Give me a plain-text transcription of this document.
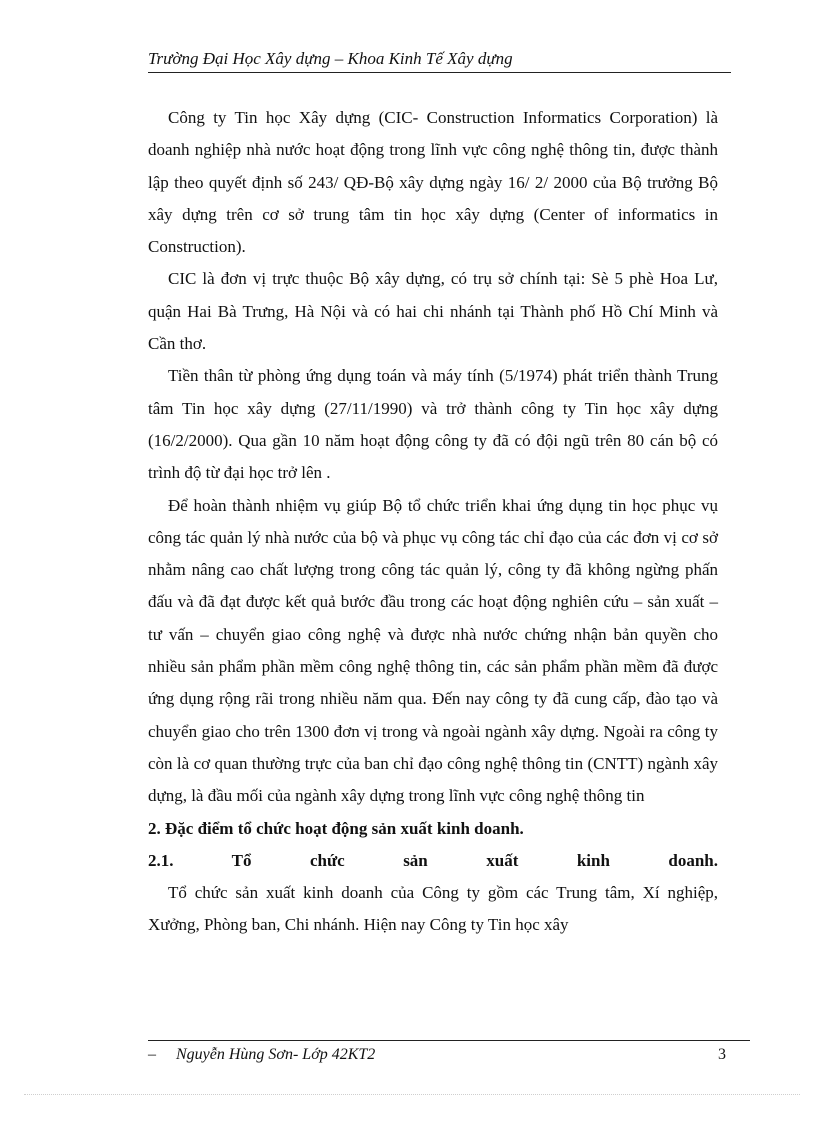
Trường Đại Học Xây dựng – Khoa Kinh Tế Xây dựng

Công ty Tin học Xây dựng (CIC- Construction Informatics Corporation) là doanh nghiệp nhà nước hoạt động trong lĩnh vực công nghệ thông tin, được thành lập theo quyết định số 243/ QĐ-Bộ xây dựng ngày 16/ 2/ 2000 của Bộ trưởng Bộ xây dựng trên cơ sở trung tâm tin học xây dựng (Center of informatics in Construction).

CIC là đơn vị trực thuộc Bộ xây dựng, có trụ sở chính tại: Sè 5 phè Hoa Lư, quận Hai Bà Trưng, Hà Nội và có hai chi nhánh tại Thành phố Hồ Chí Minh và Cần thơ.

Tiền thân từ phòng ứng dụng toán và máy tính (5/1974) phát triển thành Trung tâm Tin học xây dựng (27/11/1990) và trở thành công ty Tin học xây dựng (16/2/2000). Qua gần 10 năm hoạt động công ty đã có đội ngũ trên 80 cán bộ có trình độ từ đại học trở lên .

Để hoàn thành nhiệm vụ giúp Bộ tổ chức triển khai ứng dụng tin học phục vụ công tác quản lý nhà nước của bộ và phục vụ công tác chỉ đạo của các đơn vị cơ sở nhằm nâng cao chất lượng trong công tác quản lý, công ty đã không ngừng phấn đấu và đã đạt được kết quả bước đầu trong các hoạt động nghiên cứu – sản xuất – tư vấn – chuyển giao công nghệ và được nhà nước chứng nhận bản quyền cho nhiều sản phẩm phần mềm công nghệ thông tin, các sản phẩm phần mềm đã được ứng dụng rộng rãi trong nhiều năm qua. Đến nay công ty đã cung cấp, đào tạo và chuyển giao cho trên 1300 đơn vị trong và ngoài ngành xây dựng. Ngoài ra công ty còn là cơ quan thường trực của ban chỉ đạo công nghệ thông tin (CNTT) ngành xây dựng, là đầu mối của ngành xây dựng trong lĩnh vực công nghệ thông tin

2. Đặc điểm tổ chức hoạt động sản xuất kinh doanh.

2.1. Tổ chức sản xuất kinh doanh.

Tổ chức sản xuất kinh doanh của Công ty gồm các Trung tâm, Xí nghiệp, Xưởng, Phòng ban, Chi nhánh. Hiện nay Công ty Tin học xây

– Nguyễn Hùng Sơn- Lớp 42KT2	3
